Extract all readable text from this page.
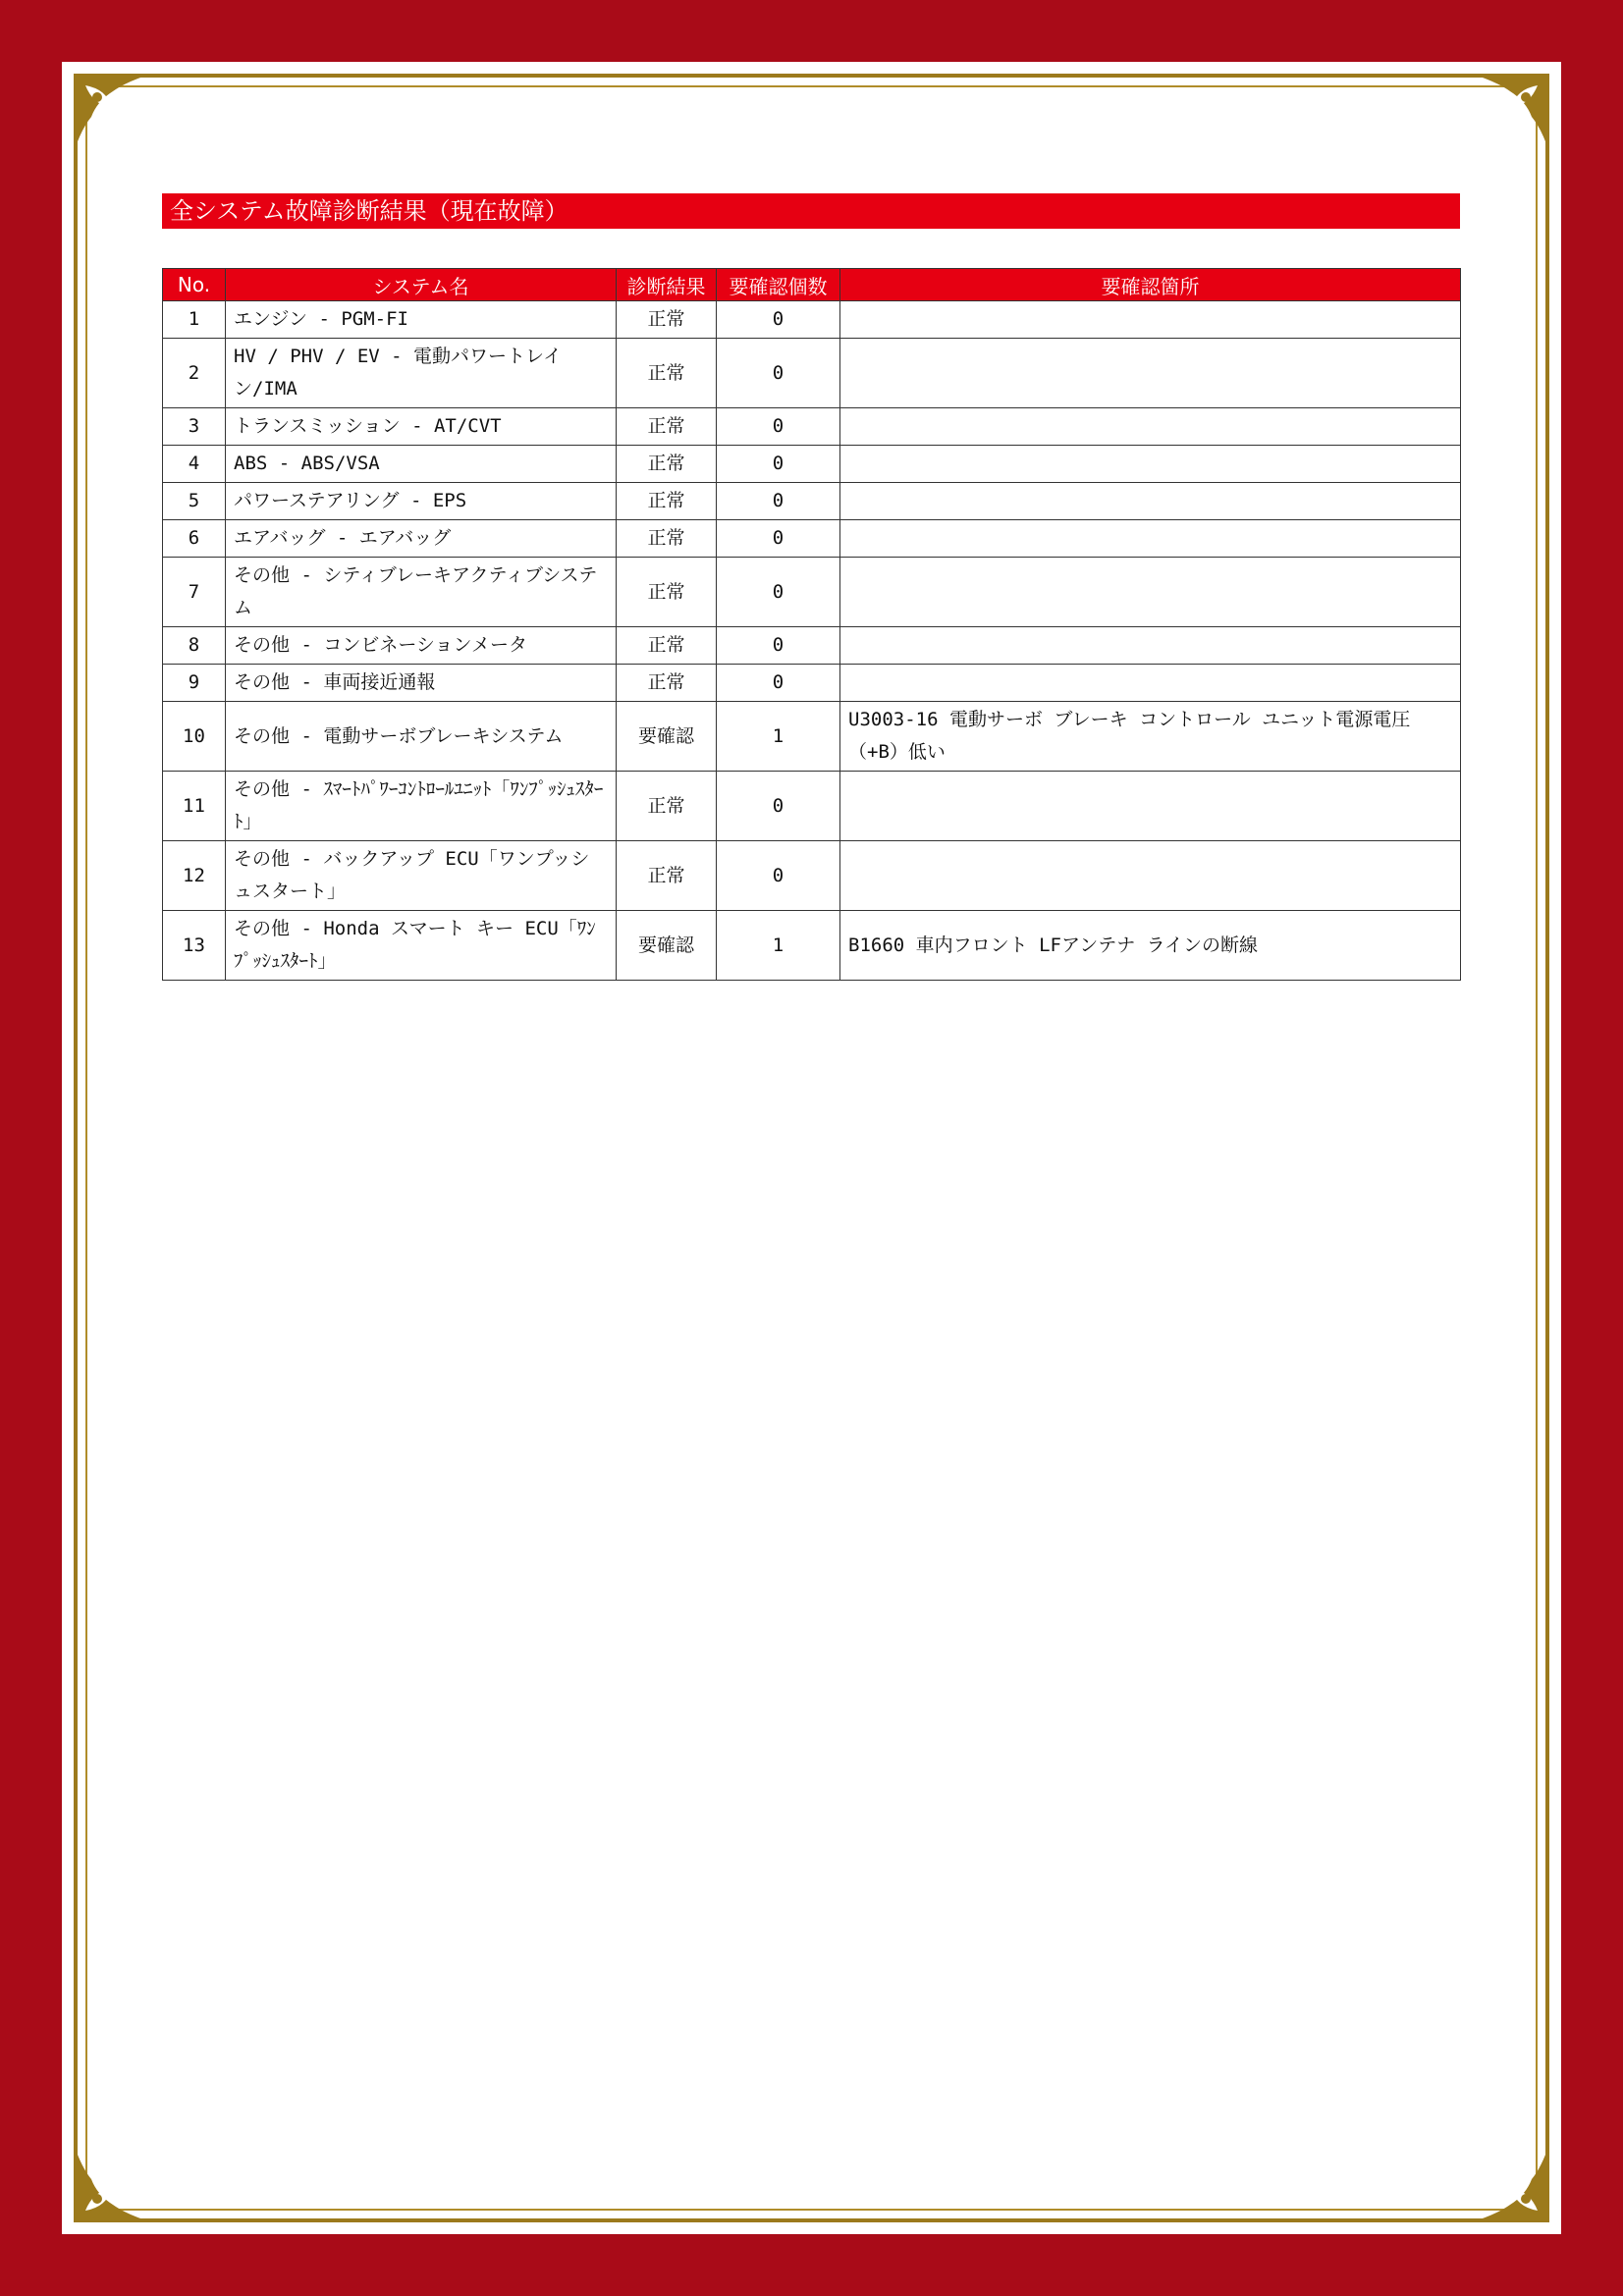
全システム故障診断結果（現在故障）
No.	システム名	診断結果	要確認個数	要確認箇所
1	エンジン - PGM-FI	正常	0	
2	HV / PHV / EV - 電動パワートレイン/IMA	正常	0	
3	トランスミッション - AT/CVT	正常	0	
4	ABS - ABS/VSA	正常	0	
5	パワーステアリング - EPS	正常	0	
6	エアバッグ - エアバッグ	正常	0	
7	その他 - シティブレーキアクティブシステム	正常	0	
8	その他 - コンビネーションメータ	正常	0	
9	その他 - 車両接近通報	正常	0	
10	その他 - 電動サーボブレーキシステム	要確認	1	U3003-16 電動サーボ ブレーキ コントロール ユニット電源電圧（+B）低い
11	その他 - ｽﾏｰﾄﾊﾟﾜｰｺﾝﾄﾛｰﾙﾕﾆｯﾄ「ﾜﾝﾌﾟｯｼｭｽﾀｰﾄ」	正常	0	
12	その他 - バックアップ ECU「ワンプッシュスタート」	正常	0	
13	その他 - Honda スマート キー ECU「ﾜﾝﾌﾟｯｼｭｽﾀｰﾄ」	要確認	1	B1660 車内フロント LFアンテナ ラインの断線
